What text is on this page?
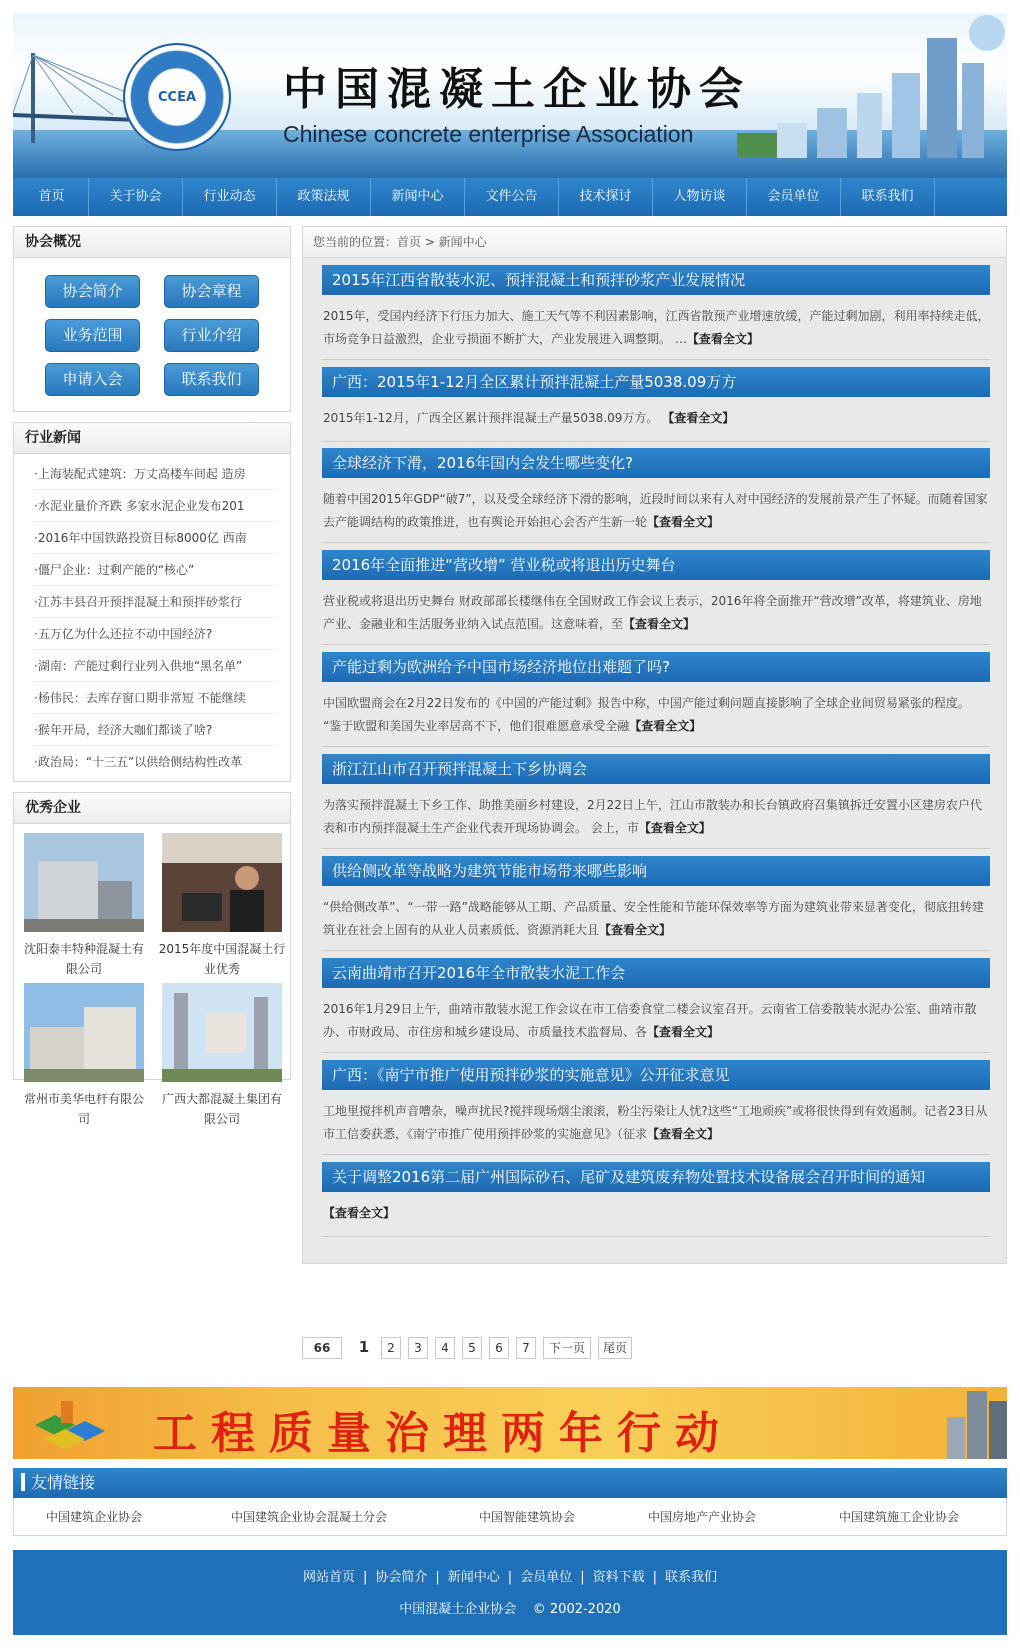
CCEA 中国混凝土企业协会
Chinese concrete enterprise Association
首页	关于协会	行业动态	政策法规	新闻中心	文件公告	技术探讨	人物访谈	会员单位	联系我们
协会概况
协会简介	协会章程
业务范围	行业介绍
申请入会	联系我们
行业新闻
·上海装配式建筑：万丈高楼车间起 造房
·水泥业量价齐跌 多家水泥企业发布201
·2016年中国铁路投资目标8000亿 西南
·僵尸企业：过剩产能的“核心”
·江苏丰县召开预拌混凝土和预拌砂浆行
·五万亿为什么还拉不动中国经济?
·湖南：产能过剩行业列入供地“黑名单”
·杨伟民：去库存窗口期非常短 不能继续
·猴年开局，经济大咖们都谈了啥?
·政治局：“十三五”以供给侧结构性改革
优秀企业
沈阳泰丰特种混凝土有限公司
2015年度中国混凝土行业优秀
常州市美华电杆有限公司
广西大都混凝土集团有限公司
您当前的位置：首页 > 新闻中心
2015年江西省散装水泥、预拌混凝土和预拌砂浆产业发展情况
2015年，受国内经济下行压力加大、施工天气等不利因素影响，江西省散预产业增速放缓，产能过剩加剧，利用率持续走低，市场竞争日益激烈，企业亏损面不断扩大，产业发展进入调整期。 …【查看全文】
广西：2015年1-12月全区累计预拌混凝土产量5038.09万方
2015年1-12月，广西全区累计预拌混凝土产量5038.09万方。 【查看全文】
全球经济下滑，2016年国内会发生哪些变化?
随着中国2015年GDP“破7”，以及受全球经济下滑的影响，近段时间以来有人对中国经济的发展前景产生了怀疑。而随着国家去产能调结构的政策推进，也有舆论开始担心会否产生新一轮【查看全文】
2016年全面推进“营改增” 营业税或将退出历史舞台
营业税或将退出历史舞台 财政部部长楼继伟在全国财政工作会议上表示，2016年将全面推开“营改增”改革，将建筑业、房地产业、金融业和生活服务业纳入试点范围。这意味着，至【查看全文】
产能过剩为欧洲给予中国市场经济地位出难题了吗?
中国欧盟商会在2月22日发布的《中国的产能过剩》报告中称，中国产能过剩问题直接影响了全球企业间贸易紧张的程度。 “鉴于欧盟和美国失业率居高不下，他们很难愿意承受全融【查看全文】
浙江江山市召开预拌混凝土下乡协调会
为落实预拌混凝土下乡工作、助推美丽乡村建设，2月22日上午，江山市散装办和长台镇政府召集镇拆迁安置小区建房农户代表和市内预拌混凝土生产企业代表开现场协调会。 会上，市【查看全文】
供给侧改革等战略为建筑节能市场带来哪些影响
“供给侧改革”、“一带一路”战略能够从工期、产品质量、安全性能和节能环保效率等方面为建筑业带来显著变化，彻底扭转建筑业在社会上固有的从业人员素质低、资源消耗大且【查看全文】
云南曲靖市召开2016年全市散装水泥工作会
2016年1月29日上午，曲靖市散装水泥工作会议在市工信委食堂二楼会议室召开。云南省工信委散装水泥办公室、曲靖市散办、市财政局、市住房和城乡建设局、市质量技术监督局、各【查看全文】
广西：《南宁市推广使用预拌砂浆的实施意见》公开征求意见
工地里搅拌机声音嘈杂，噪声扰民?搅拌现场烟尘滚滚，粉尘污染让人忧?这些“工地顽疾”或将很快得到有效遏制。记者23日从市工信委获悉，《南宁市推广使用预拌砂浆的实施意见》（征求【查看全文】
关于调整2016第二届广州国际砂石、尾矿及建筑废弃物处置技术设备展会召开时间的通知
【查看全文】
66	1	2	3	4	5	6	7	下一页	尾页
工程质量治理两年行动
友情链接
中国建筑企业协会	中国建筑企业协会混凝土分会	中国智能建筑协会	中国房地产产业协会	中国建筑施工企业协会
网站首页 | 协会简介 | 新闻中心 | 会员单位 | 资料下载 | 联系我们
中国混凝土企业协会 © 2002-2020
